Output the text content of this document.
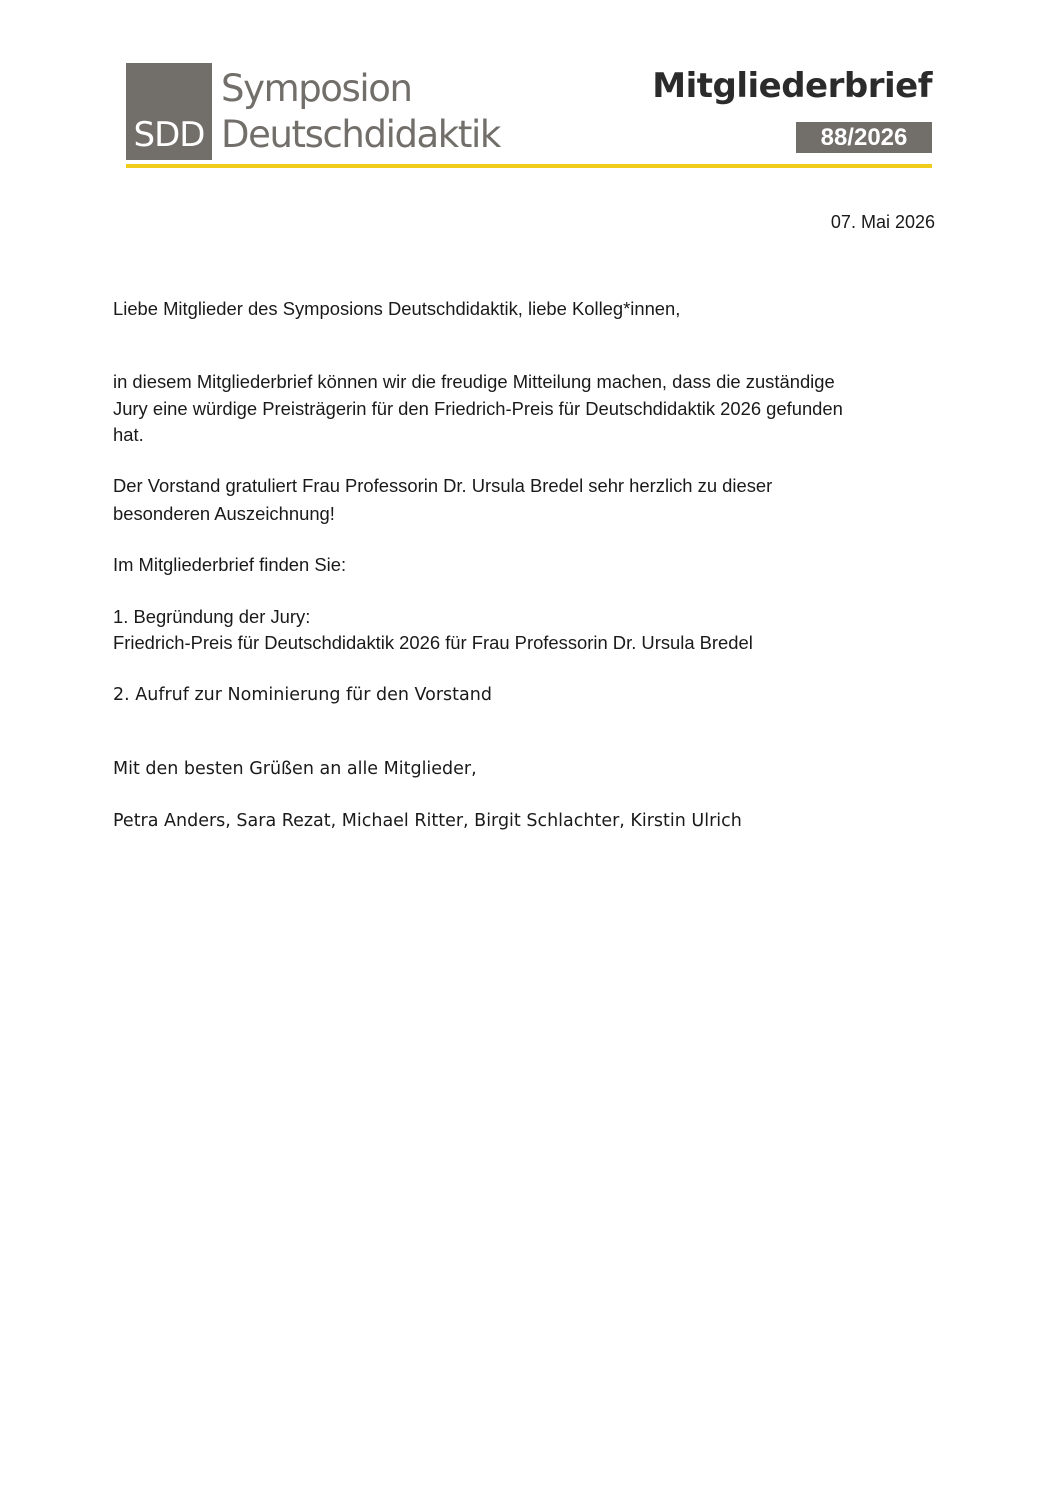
SDD
Symposion
Deutschdidaktik
Mitgliederbrief
88/2026
07. Mai 2026
Liebe Mitglieder des Symposions Deutschdidaktik, liebe Kolleg*innen,
in diesem Mitgliederbrief können wir die freudige Mitteilung machen, dass die zuständige
Jury eine würdige Preisträgerin für den Friedrich-Preis für Deutschdidaktik 2026 gefunden
hat.
Der Vorstand gratuliert Frau Professorin Dr. Ursula Bredel sehr herzlich zu dieser
besonderen Auszeichnung!
Im Mitgliederbrief finden Sie:
1. Begründung der Jury:
Friedrich-Preis für Deutschdidaktik 2026 für Frau Professorin Dr. Ursula Bredel
2. Aufruf zur Nominierung für den Vorstand
Mit den besten Grüßen an alle Mitglieder,
Petra Anders, Sara Rezat, Michael Ritter, Birgit Schlachter, Kirstin Ulrich
